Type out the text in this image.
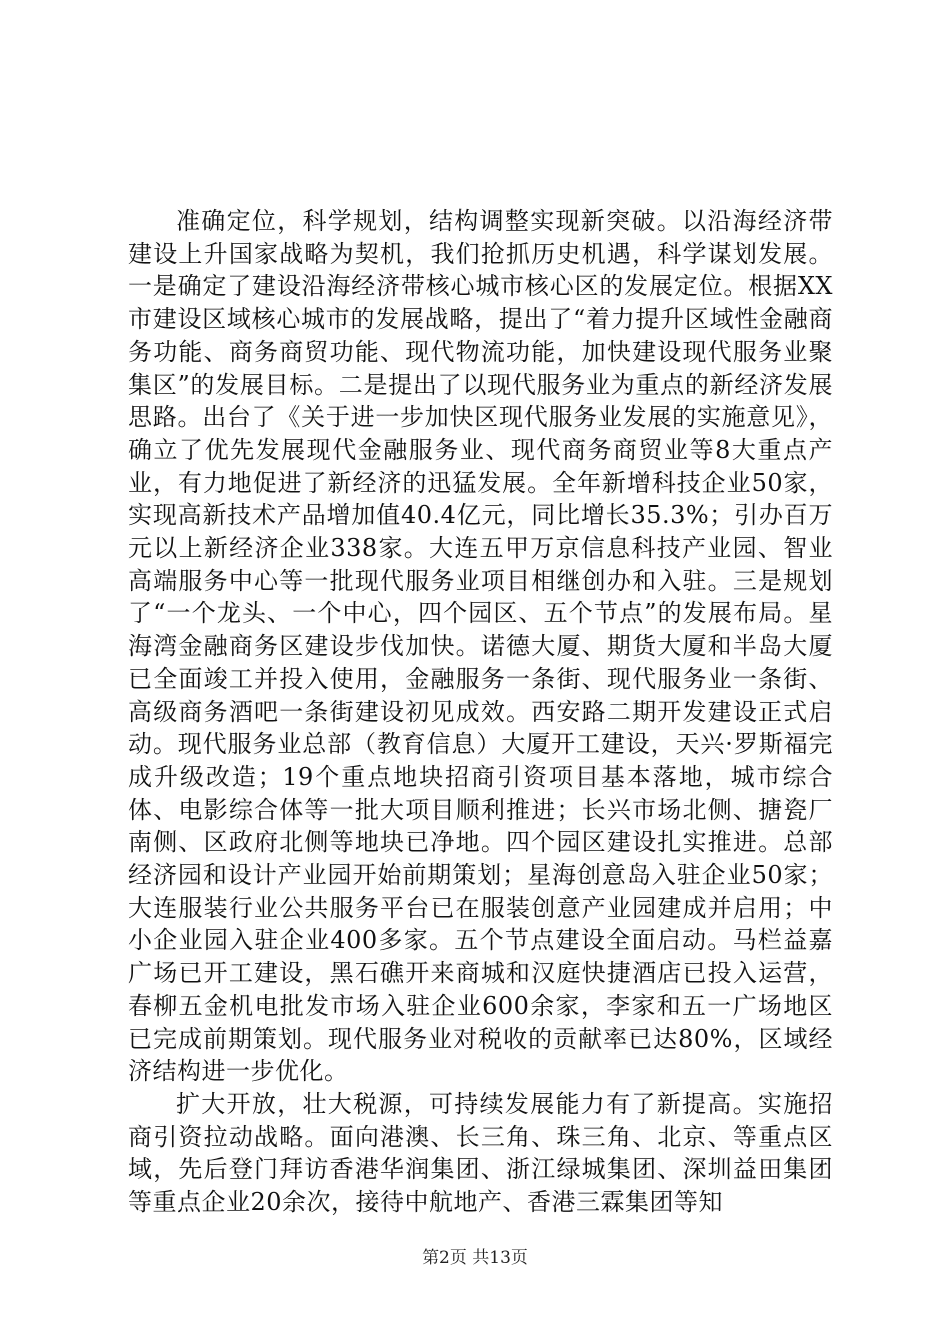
准确定位，科学规划，结构调整实现新突破。以沿海经济带建设上升国家战略为契机，我们抢抓历史机遇，科学谋划发展。一是确定了建设沿海经济带核心城市核心区的发展定位。根据XX市建设区域核心城市的发展战略，提出了“着力提升区域性金融商务功能、商务商贸功能、现代物流功能，加快建设现代服务业聚集区”的发展目标。二是提出了以现代服务业为重点的新经济发展思路。出台了《关于进一步加快区现代服务业发展的实施意见》，确立了优先发展现代金融服务业、现代商务商贸业等8大重点产业，有力地促进了新经济的迅猛发展。全年新增科技企业50家，实现高新技术产品增加值40.4亿元，同比增长35.3%；引办百万元以上新经济企业338家。大连五甲万京信息科技产业园、智业高端服务中心等一批现代服务业项目相继创办和入驻。三是规划了“一个龙头、一个中心，四个园区、五个节点”的发展布局。星海湾金融商务区建设步伐加快。诺德大厦、期货大厦和半岛大厦已全面竣工并投入使用，金融服务一条街、现代服务业一条街、高级商务酒吧一条街建设初见成效。西安路二期开发建设正式启动。现代服务业总部（教育信息）大厦开工建设，天兴·罗斯福完成升级改造；19个重点地块招商引资项目基本落地，城市综合体、电影综合体等一批大项目顺利推进；长兴市场北侧、搪瓷厂南侧、区政府北侧等地块已净地。四个园区建设扎实推进。总部经济园和设计产业园开始前期策划；星海创意岛入驻企业50家；大连服装行业公共服务平台已在服装创意产业园建成并启用；中小企业园入驻企业400多家。五个节点建设全面启动。马栏益嘉广场已开工建设，黑石礁开来商城和汉庭快捷酒店已投入运营，春柳五金机电批发市场入驻企业600余家，李家和五一广场地区已完成前期策划。现代服务业对税收的贡献率已达80%，区域经济结构进一步优化。

扩大开放，壮大税源，可持续发展能力有了新提高。实施招商引资拉动战略。面向港澳、长三角、珠三角、北京、等重点区域，先后登门拜访香港华润集团、浙江绿城集团、深圳益田集团等重点企业20余次，接待中航地产、香港三霖集团等知

第2页 共13页
